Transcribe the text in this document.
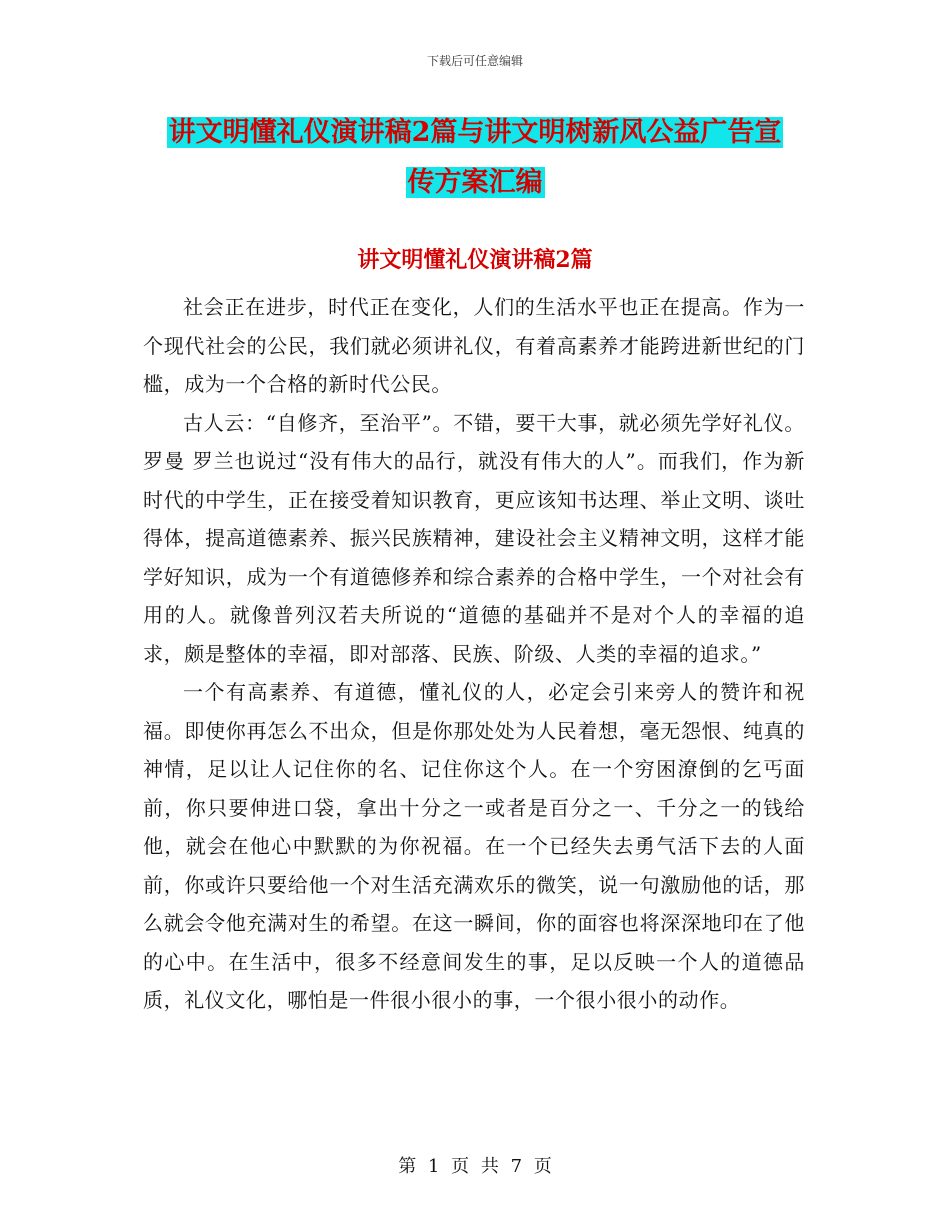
下载后可任意编辑
讲文明懂礼仪演讲稿2篇与讲文明树新风公益广告宣
传方案汇编
讲文明懂礼仪演讲稿2篇

社会正在进步，时代正在变化，人们的生活水平也正在提高。作为一个现代社会的公民，我们就必须讲礼仪，有着高素养才能跨进新世纪的门槛，成为一个合格的新时代公民。

古人云：“自修齐，至治平”。不错，要干大事，就必须先学好礼仪。罗曼 罗兰也说过“没有伟大的品行，就没有伟大的人”。而我们，作为新时代的中学生，正在接受着知识教育，更应该知书达理、举止文明、谈吐得体，提高道德素养、振兴民族精神，建设社会主义精神文明，这样才能学好知识，成为一个有道德修养和综合素养的合格中学生，一个对社会有用的人。就像普列汉若夫所说的“道德的基础并不是对个人的幸福的追求，颇是整体的幸福，即对部落、民族、阶级、人类的幸福的追求。”

一个有高素养、有道德，懂礼仪的人，必定会引来旁人的赞许和祝福。即使你再怎么不出众，但是你那处处为人民着想，毫无怨恨、纯真的神情，足以让人记住你的名、记住你这个人。在一个穷困潦倒的乞丐面前，你只要伸进口袋，拿出十分之一或者是百分之一、千分之一的钱给他，就会在他心中默默的为你祝福。在一个已经失去勇气活下去的人面前，你或许只要给他一个对生活充满欢乐的微笑，说一句激励他的话，那么就会令他充满对生的希望。在这一瞬间，你的面容也将深深地印在了他的心中。在生活中，很多不经意间发生的事，足以反映一个人的道德品质，礼仪文化，哪怕是一件很小很小的事，一个很小很小的动作。

第 1 页 共 7 页
